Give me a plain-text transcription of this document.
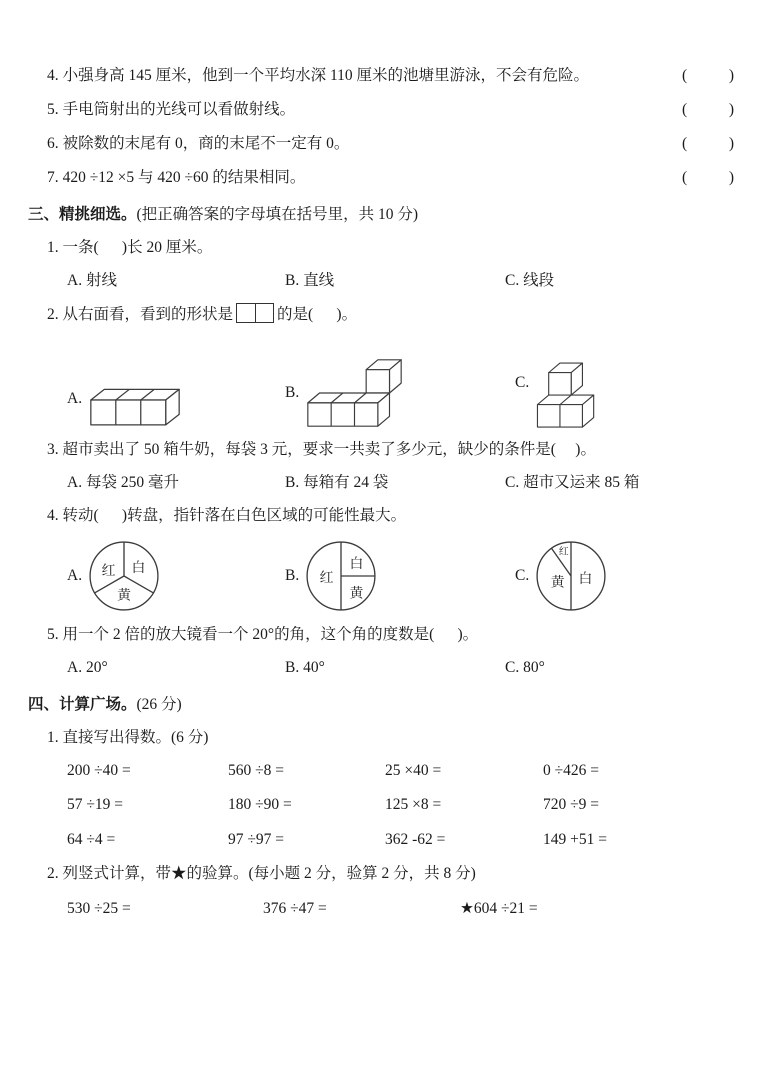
4. 小强身高 145 厘米，他到一个平均水深 110 厘米的池塘里游泳，不会有危险。	(	)
5. 手电筒射出的光线可以看做射线。	(	)
6. 被除数的末尾有 0，商的末尾不一定有 0。	(	)
7. 420 ÷12 ×5 与 420 ÷60 的结果相同。	(	)
三、精挑细选。(把正确答案的字母填在括号里，共 10 分)
1. 一条(      )长 20 厘米。
A. 射线	B. 直线	C. 线段
2. 从右面看，看到的形状是	的是(      )。
A.	B.
C.
3. 超市卖出了 50 箱牛奶，每袋 3 元，要求一共卖了多少元，缺少的条件是(     )。
A. 每袋 250 毫升	B. 每箱有 24 袋	C. 超市又运来 85 箱
4. 转动(      )转盘，指针落在白色区域的可能性最大。
A. 红 白
黄
B. 红
白
黄
C.
红
黄 白
5. 用一个 2 倍的放大镜看一个 20°的角，这个角的度数是(      )。
A. 20°	B. 40°	C. 80°
四、计算广场。(26 分)
1. 直接写出得数。(6 分)
200 ÷40 =	560 ÷8 =	25 ×40 =	0 ÷426 =
57 ÷19 =	180 ÷90 =	125 ×8 =	720 ÷9 =
64 ÷4 =	97 ÷97 =	362 -62 =	149 +51 =
2. 列竖式计算，带★的验算。(每小题 2 分，验算 2 分，共 8 分)
530 ÷25 =	376 ÷47 =	★604 ÷21 =
